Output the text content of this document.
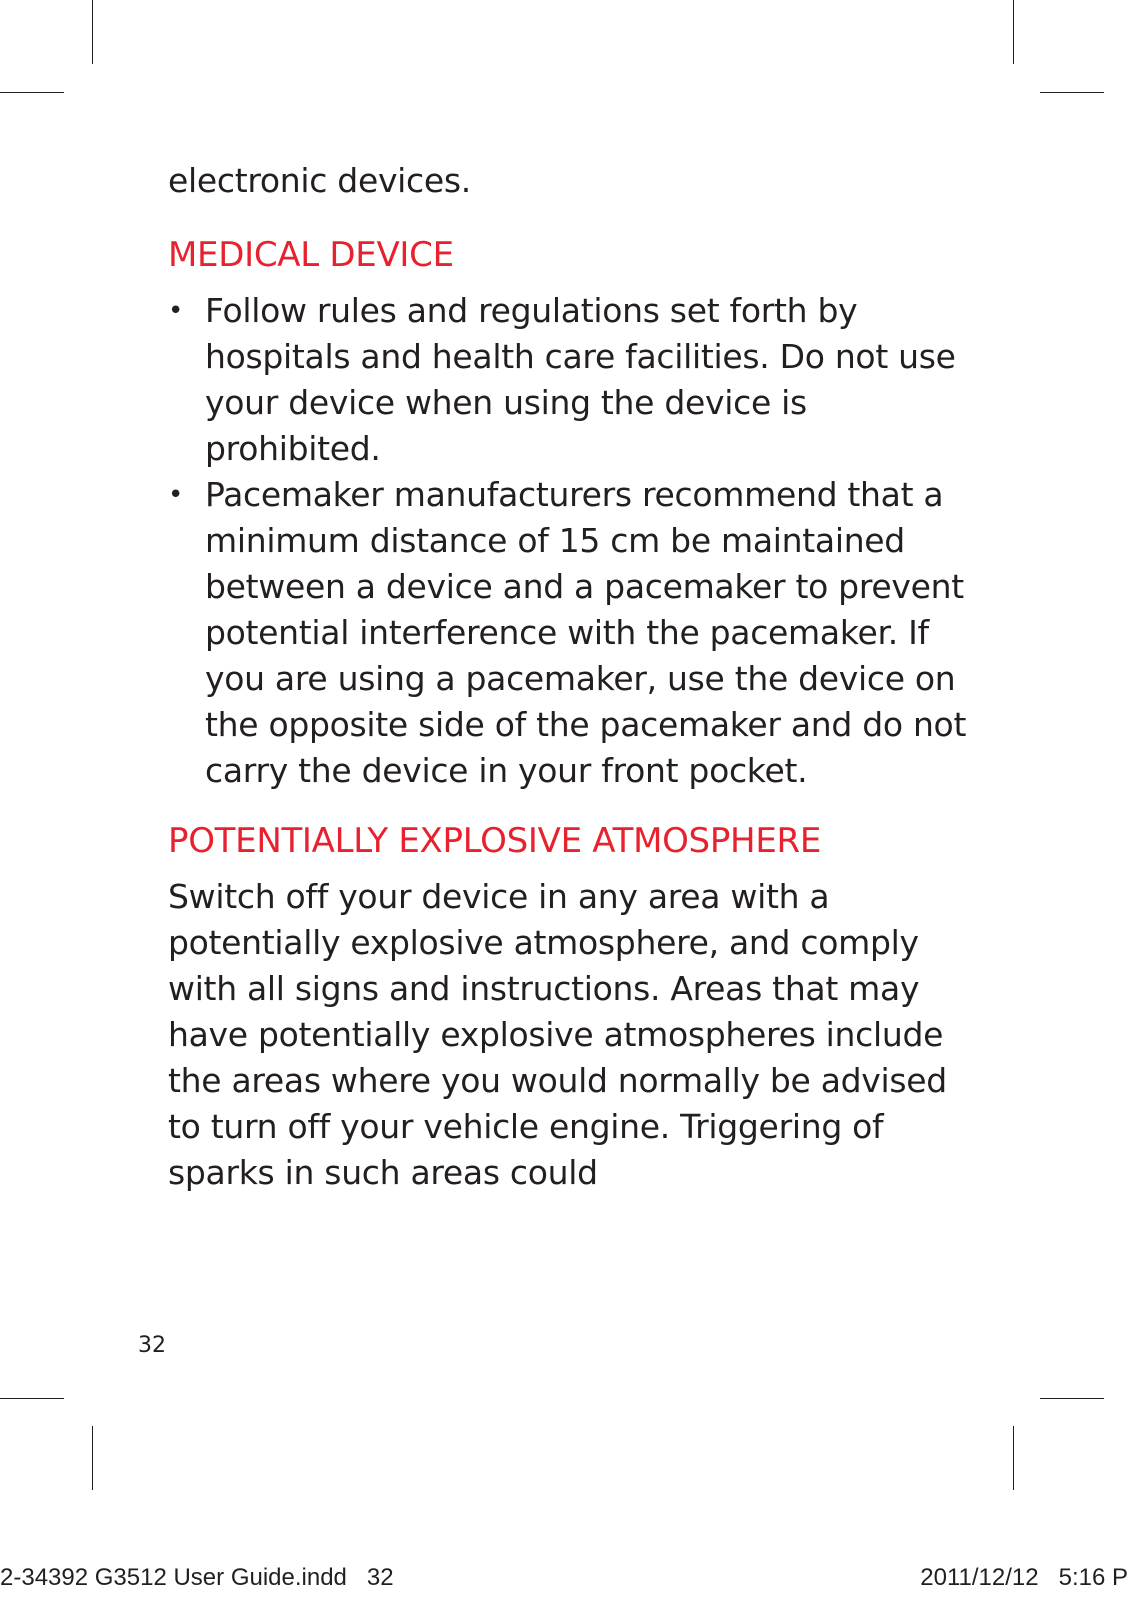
electronic devices.

MEDICAL DEVICE
• Follow rules and regulations set forth by hospitals and health care facilities. Do not use your device when using the device is prohibited.
• Pacemaker manufacturers recommend that a minimum distance of 15 cm be maintained between a device and a pacemaker to prevent potential interference with the pacemaker. If you are using a pacemaker, use the device on the opposite side of the pacemaker and do not carry the device in your front pocket.
POTENTIALLY EXPLOSIVE ATMOSPHERE

Switch off your device in any area with a potentially explosive atmosphere, and comply with all signs and instructions. Areas that may have potentially explosive atmospheres include the areas where you would normally be advised to turn off your vehicle engine. Triggering of sparks in such areas could

32
2-34392 G3512 User Guide.indd   32	2011/12/12   5:16 P
